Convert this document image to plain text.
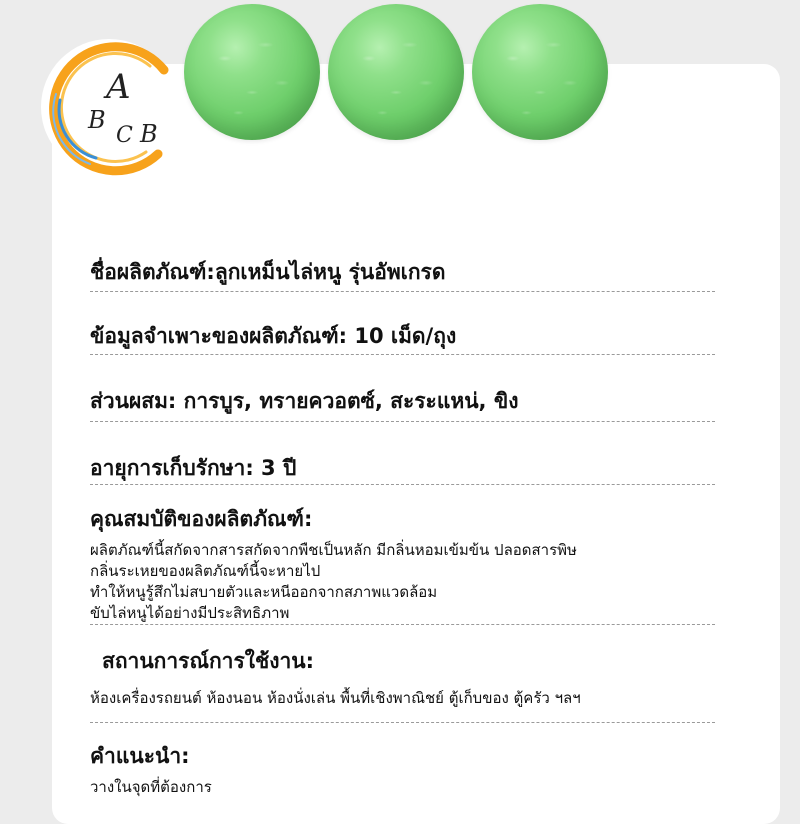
A
B
C B
ชื่อผลิตภัณฑ์:ลูกเหม็นไล่หนู รุ่นอัพเกรด
ข้อมูลจำเพาะของผลิตภัณฑ์: 10 เม็ด/ถุง
ส่วนผสม: การบูร, ทรายควอตซ์, สะระแหน่, ขิง
อายุการเก็บรักษา: 3 ปี
คุณสมบัติของผลิตภัณฑ์:
ผลิตภัณฑ์นี้สกัดจากสารสกัดจากพืชเป็นหลัก มีกลิ่นหอมเข้มข้น ปลอดสารพิษ
กลิ่นระเหยของผลิตภัณฑ์นี้จะหายไป
ทำให้หนูรู้สึกไม่สบายตัวและหนีออกจากสภาพแวดล้อม
ขับไล่หนูได้อย่างมีประสิทธิภาพ
สถานการณ์การใช้งาน:
ห้องเครื่องรถยนต์ ห้องนอน ห้องนั่งเล่น พื้นที่เชิงพาณิชย์ ตู้เก็บของ ตู้ครัว ฯลฯ
คำแนะนำ:
วางในจุดที่ต้องการ
